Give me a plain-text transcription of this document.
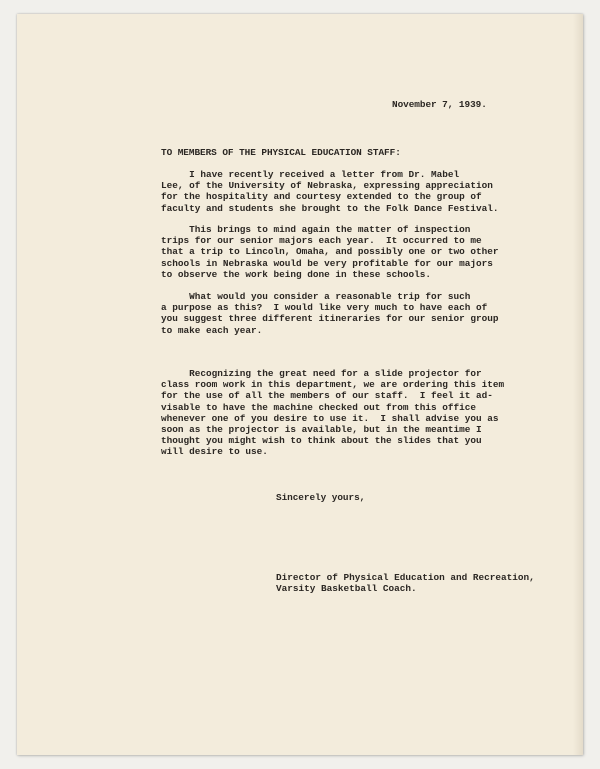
November 7, 1939.

TO MEMBERS OF THE PHYSICAL EDUCATION STAFF:

I have recently received a letter from Dr. Mabel
Lee, of the University of Nebraska, expressing appreciation
for the hospitality and courtesy extended to the group of
faculty and students she brought to the Folk Dance Festival.
This brings to mind again the matter of inspection
trips for our senior majors each year.  It occurred to me
that a trip to Lincoln, Omaha, and possibly one or two other
schools in Nebraska would be very profitable for our majors
to observe the work being done in these schools.
What would you consider a reasonable trip for such
a purpose as this?  I would like very much to have each of
you suggest three different itineraries for our senior group
to make each year.
Recognizing the great need for a slide projector for
class room work in this department, we are ordering this item
for the use of all the members of our staff.  I feel it ad-
visable to have the machine checked out from this office
whenever one of you desire to use it.  I shall advise you as
soon as the projector is available, but in the meantime I
thought you might wish to think about the slides that you
will desire to use.

Sincerely yours,

Director of Physical Education and Recreation,
Varsity Basketball Coach.
